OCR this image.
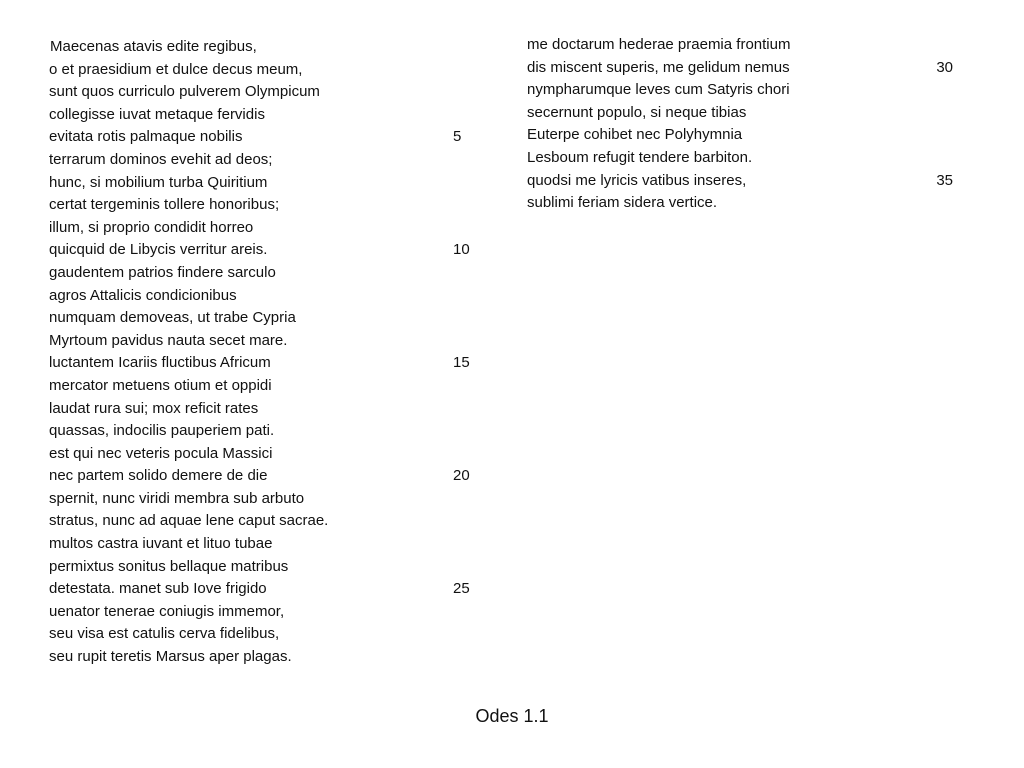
Maecenas atavis edite regibus,
o et praesidium et dulce decus meum,
sunt quos curriculo pulverem Olympicum
collegisse iuvat metaque fervidis
evitata rotis palmaque nobilis	5
terrarum dominos evehit ad deos;
hunc, si mobilium turba Quiritium
certat tergeminis tollere honoribus;
illum, si proprio condidit horreo
quicquid de Libycis verritur areis.	10
gaudentem patrios findere sarculo
agros Attalicis condicionibus
numquam demoveas, ut trabe Cypria
Myrtoum pavidus nauta secet mare.
luctantem Icariis fluctibus Africum	15
mercator metuens otium et oppidi
laudat rura sui; mox reficit rates
quassas, indocilis pauperiem pati.
est qui nec veteris pocula Massici
nec partem solido demere de die	20
spernit, nunc viridi membra sub arbuto
stratus, nunc ad aquae lene caput sacrae.
multos castra iuvant et lituo tubae
permixtus sonitus bellaque matribus
detestata. manet sub Iove frigido	25
uenator tenerae coniugis immemor,
seu visa est catulis cerva fidelibus,
seu rupit teretis Marsus aper plagas.
me doctarum hederae praemia frontium
dis miscent superis, me gelidum nemus	30
nympharumque leves cum Satyris chori
secernunt populo, si neque tibias
Euterpe cohibet nec Polyhymnia
Lesboum refugit tendere barbiton.
quodsi me lyricis vatibus inseres,	35
sublimi feriam sidera vertice.
Odes 1.1
